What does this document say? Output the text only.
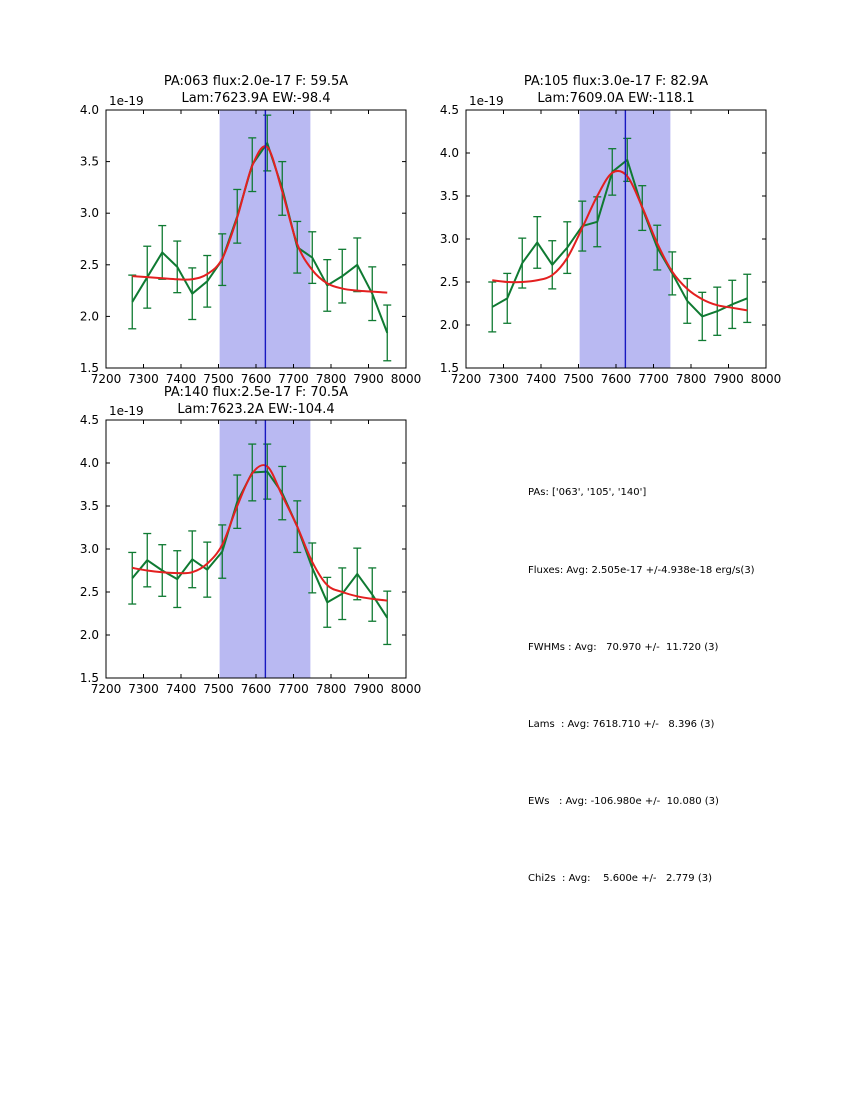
PA:063 flux:2.0e-17 F: 59.5A
Lam:7623.9A EW:-98.4
PA:105 flux:3.0e-17 F: 82.9A
Lam:7609.0A EW:-118.1
PA:140 flux:2.5e-17 F: 70.5A
Lam:7623.2A EW:-104.4
7200 7300 7400 7500 7600 7700 7800 7900 8000
1.5
2.0
2.5
3.0
3.5
4.0
1e-19
7200 7300 7400 7500 7600 7700 7800 7900 8000
1.5
2.0
2.5
3.0
3.5
4.0
4.5
1e-19
7200 7300 7400 7500 7600 7700 7800 7900 8000
1.5
2.0
2.5
3.0
3.5
4.0
4.5
1e-19

PAs: ['063', '105', '140']

Fluxes: Avg: 2.505e-17 +/-4.938e-18 erg/s(3)

FWHMs : Avg:   70.970 +/-  11.720 (3)

Lams  : Avg: 7618.710 +/-   8.396 (3)

EWs   : Avg: -106.980e +/-  10.080 (3)

Chi2s  : Avg:    5.600e +/-   2.779 (3)
